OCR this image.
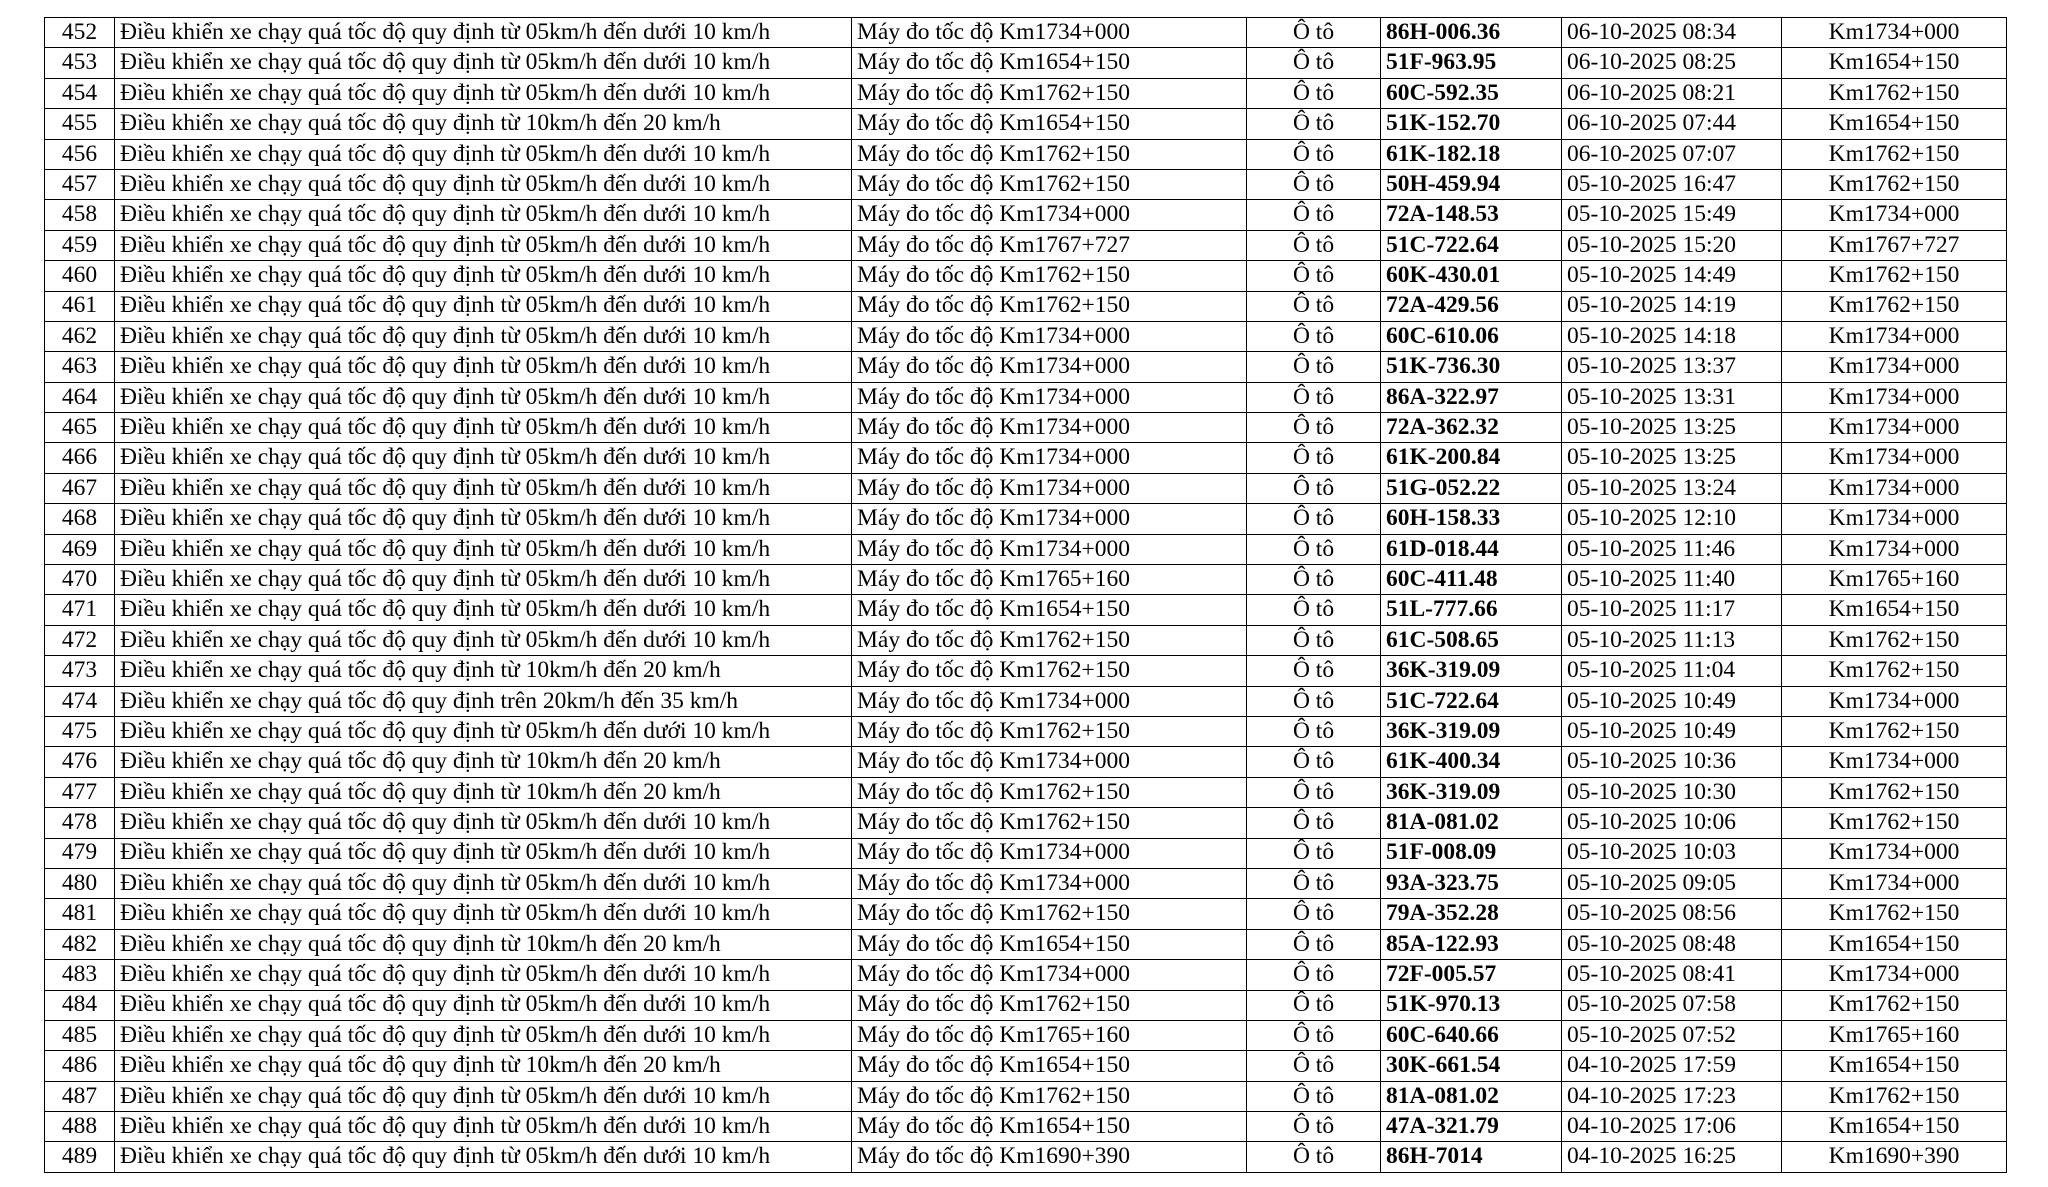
452	Điều khiển xe chạy quá tốc độ quy định từ 05km/h đến dưới 10 km/h	Máy đo tốc độ Km1734+000	Ô tô	86H-006.36	06-10-2025 08:34	Km1734+000
453	Điều khiển xe chạy quá tốc độ quy định từ 05km/h đến dưới 10 km/h	Máy đo tốc độ Km1654+150	Ô tô	51F-963.95	06-10-2025 08:25	Km1654+150
454	Điều khiển xe chạy quá tốc độ quy định từ 05km/h đến dưới 10 km/h	Máy đo tốc độ Km1762+150	Ô tô	60C-592.35	06-10-2025 08:21	Km1762+150
455	Điều khiển xe chạy quá tốc độ quy định từ 10km/h đến 20 km/h	Máy đo tốc độ Km1654+150	Ô tô	51K-152.70	06-10-2025 07:44	Km1654+150
456	Điều khiển xe chạy quá tốc độ quy định từ 05km/h đến dưới 10 km/h	Máy đo tốc độ Km1762+150	Ô tô	61K-182.18	06-10-2025 07:07	Km1762+150
457	Điều khiển xe chạy quá tốc độ quy định từ 05km/h đến dưới 10 km/h	Máy đo tốc độ Km1762+150	Ô tô	50H-459.94	05-10-2025 16:47	Km1762+150
458	Điều khiển xe chạy quá tốc độ quy định từ 05km/h đến dưới 10 km/h	Máy đo tốc độ Km1734+000	Ô tô	72A-148.53	05-10-2025 15:49	Km1734+000
459	Điều khiển xe chạy quá tốc độ quy định từ 05km/h đến dưới 10 km/h	Máy đo tốc độ Km1767+727	Ô tô	51C-722.64	05-10-2025 15:20	Km1767+727
460	Điều khiển xe chạy quá tốc độ quy định từ 05km/h đến dưới 10 km/h	Máy đo tốc độ Km1762+150	Ô tô	60K-430.01	05-10-2025 14:49	Km1762+150
461	Điều khiển xe chạy quá tốc độ quy định từ 05km/h đến dưới 10 km/h	Máy đo tốc độ Km1762+150	Ô tô	72A-429.56	05-10-2025 14:19	Km1762+150
462	Điều khiển xe chạy quá tốc độ quy định từ 05km/h đến dưới 10 km/h	Máy đo tốc độ Km1734+000	Ô tô	60C-610.06	05-10-2025 14:18	Km1734+000
463	Điều khiển xe chạy quá tốc độ quy định từ 05km/h đến dưới 10 km/h	Máy đo tốc độ Km1734+000	Ô tô	51K-736.30	05-10-2025 13:37	Km1734+000
464	Điều khiển xe chạy quá tốc độ quy định từ 05km/h đến dưới 10 km/h	Máy đo tốc độ Km1734+000	Ô tô	86A-322.97	05-10-2025 13:31	Km1734+000
465	Điều khiển xe chạy quá tốc độ quy định từ 05km/h đến dưới 10 km/h	Máy đo tốc độ Km1734+000	Ô tô	72A-362.32	05-10-2025 13:25	Km1734+000
466	Điều khiển xe chạy quá tốc độ quy định từ 05km/h đến dưới 10 km/h	Máy đo tốc độ Km1734+000	Ô tô	61K-200.84	05-10-2025 13:25	Km1734+000
467	Điều khiển xe chạy quá tốc độ quy định từ 05km/h đến dưới 10 km/h	Máy đo tốc độ Km1734+000	Ô tô	51G-052.22	05-10-2025 13:24	Km1734+000
468	Điều khiển xe chạy quá tốc độ quy định từ 05km/h đến dưới 10 km/h	Máy đo tốc độ Km1734+000	Ô tô	60H-158.33	05-10-2025 12:10	Km1734+000
469	Điều khiển xe chạy quá tốc độ quy định từ 05km/h đến dưới 10 km/h	Máy đo tốc độ Km1734+000	Ô tô	61D-018.44	05-10-2025 11:46	Km1734+000
470	Điều khiển xe chạy quá tốc độ quy định từ 05km/h đến dưới 10 km/h	Máy đo tốc độ Km1765+160	Ô tô	60C-411.48	05-10-2025 11:40	Km1765+160
471	Điều khiển xe chạy quá tốc độ quy định từ 05km/h đến dưới 10 km/h	Máy đo tốc độ Km1654+150	Ô tô	51L-777.66	05-10-2025 11:17	Km1654+150
472	Điều khiển xe chạy quá tốc độ quy định từ 05km/h đến dưới 10 km/h	Máy đo tốc độ Km1762+150	Ô tô	61C-508.65	05-10-2025 11:13	Km1762+150
473	Điều khiển xe chạy quá tốc độ quy định từ 10km/h đến 20 km/h	Máy đo tốc độ Km1762+150	Ô tô	36K-319.09	05-10-2025 11:04	Km1762+150
474	Điều khiển xe chạy quá tốc độ quy định trên 20km/h đến 35 km/h	Máy đo tốc độ Km1734+000	Ô tô	51C-722.64	05-10-2025 10:49	Km1734+000
475	Điều khiển xe chạy quá tốc độ quy định từ 05km/h đến dưới 10 km/h	Máy đo tốc độ Km1762+150	Ô tô	36K-319.09	05-10-2025 10:49	Km1762+150
476	Điều khiển xe chạy quá tốc độ quy định từ 10km/h đến 20 km/h	Máy đo tốc độ Km1734+000	Ô tô	61K-400.34	05-10-2025 10:36	Km1734+000
477	Điều khiển xe chạy quá tốc độ quy định từ 10km/h đến 20 km/h	Máy đo tốc độ Km1762+150	Ô tô	36K-319.09	05-10-2025 10:30	Km1762+150
478	Điều khiển xe chạy quá tốc độ quy định từ 05km/h đến dưới 10 km/h	Máy đo tốc độ Km1762+150	Ô tô	81A-081.02	05-10-2025 10:06	Km1762+150
479	Điều khiển xe chạy quá tốc độ quy định từ 05km/h đến dưới 10 km/h	Máy đo tốc độ Km1734+000	Ô tô	51F-008.09	05-10-2025 10:03	Km1734+000
480	Điều khiển xe chạy quá tốc độ quy định từ 05km/h đến dưới 10 km/h	Máy đo tốc độ Km1734+000	Ô tô	93A-323.75	05-10-2025 09:05	Km1734+000
481	Điều khiển xe chạy quá tốc độ quy định từ 05km/h đến dưới 10 km/h	Máy đo tốc độ Km1762+150	Ô tô	79A-352.28	05-10-2025 08:56	Km1762+150
482	Điều khiển xe chạy quá tốc độ quy định từ 10km/h đến 20 km/h	Máy đo tốc độ Km1654+150	Ô tô	85A-122.93	05-10-2025 08:48	Km1654+150
483	Điều khiển xe chạy quá tốc độ quy định từ 05km/h đến dưới 10 km/h	Máy đo tốc độ Km1734+000	Ô tô	72F-005.57	05-10-2025 08:41	Km1734+000
484	Điều khiển xe chạy quá tốc độ quy định từ 05km/h đến dưới 10 km/h	Máy đo tốc độ Km1762+150	Ô tô	51K-970.13	05-10-2025 07:58	Km1762+150
485	Điều khiển xe chạy quá tốc độ quy định từ 05km/h đến dưới 10 km/h	Máy đo tốc độ Km1765+160	Ô tô	60C-640.66	05-10-2025 07:52	Km1765+160
486	Điều khiển xe chạy quá tốc độ quy định từ 10km/h đến 20 km/h	Máy đo tốc độ Km1654+150	Ô tô	30K-661.54	04-10-2025 17:59	Km1654+150
487	Điều khiển xe chạy quá tốc độ quy định từ 05km/h đến dưới 10 km/h	Máy đo tốc độ Km1762+150	Ô tô	81A-081.02	04-10-2025 17:23	Km1762+150
488	Điều khiển xe chạy quá tốc độ quy định từ 05km/h đến dưới 10 km/h	Máy đo tốc độ Km1654+150	Ô tô	47A-321.79	04-10-2025 17:06	Km1654+150
489	Điều khiển xe chạy quá tốc độ quy định từ 05km/h đến dưới 10 km/h	Máy đo tốc độ Km1690+390	Ô tô	86H-7014	04-10-2025 16:25	Km1690+390
